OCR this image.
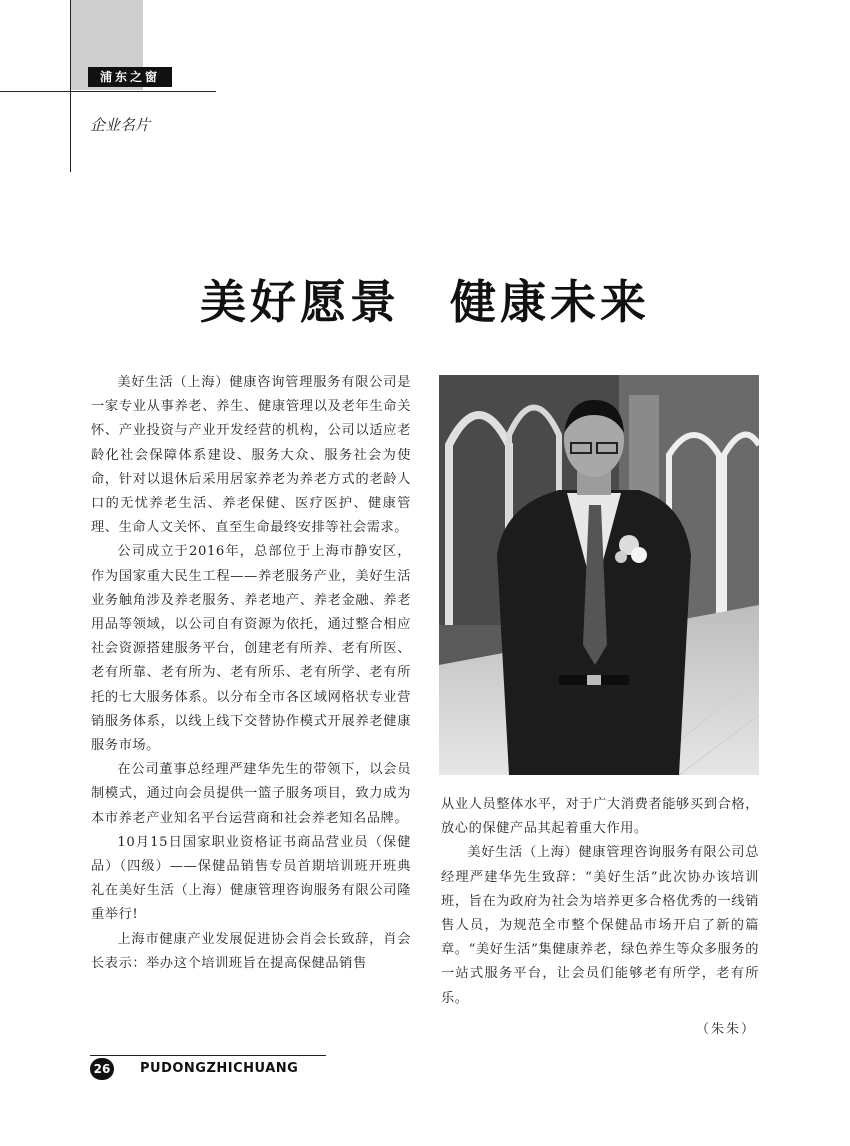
浦东之窗
企业名片
美好愿景　健康未来

美好生活（上海）健康咨询管理服务有限公司是一家专业从事养老、养生、健康管理以及老年生命关怀、产业投资与产业开发经营的机构，公司以适应老龄化社会保障体系建设、服务大众、服务社会为使命，针对以退休后采用居家养老为养老方式的老龄人口的无忧养老生活、养老保健、医疗医护、健康管理、生命人文关怀、直至生命最终安排等社会需求。

公司成立于2016年，总部位于上海市静安区，作为国家重大民生工程——养老服务产业，美好生活业务触角涉及养老服务、养老地产、养老金融、养老用品等领域，以公司自有资源为依托，通过整合相应社会资源搭建服务平台，创建老有所养、老有所医、老有所靠、老有所为、老有所乐、老有所学、老有所托的七大服务体系。以分布全市各区域网格状专业营销服务体系，以线上线下交替协作模式开展养老健康服务市场。

在公司董事总经理严建华先生的带领下，以会员制模式，通过向会员提供一篮子服务项目，致力成为本市养老产业知名平台运营商和社会养老知名品牌。

10月15日国家职业资格证书商品营业员（保健品）（四级）——保健品销售专员首期培训班开班典礼在美好生活（上海）健康管理咨询服务有限公司隆重举行!

上海市健康产业发展促进协会肖会长致辞，肖会长表示：举办这个培训班旨在提高保健品销售

从业人员整体水平，对于广大消费者能够买到合格，放心的保健产品其起着重大作用。

美好生活（上海）健康管理咨询服务有限公司总经理严建华先生致辞：“美好生活”此次协办该培训班，旨在为政府为社会为培养更多合格优秀的一线销售人员，为规范全市整个保健品市场开启了新的篇章。“美好生活”集健康养老，绿色养生等众多服务的一站式服务平台，让会员们能够老有所学，老有所乐。

（朱朱）
26 PUDONGZHICHUANG
